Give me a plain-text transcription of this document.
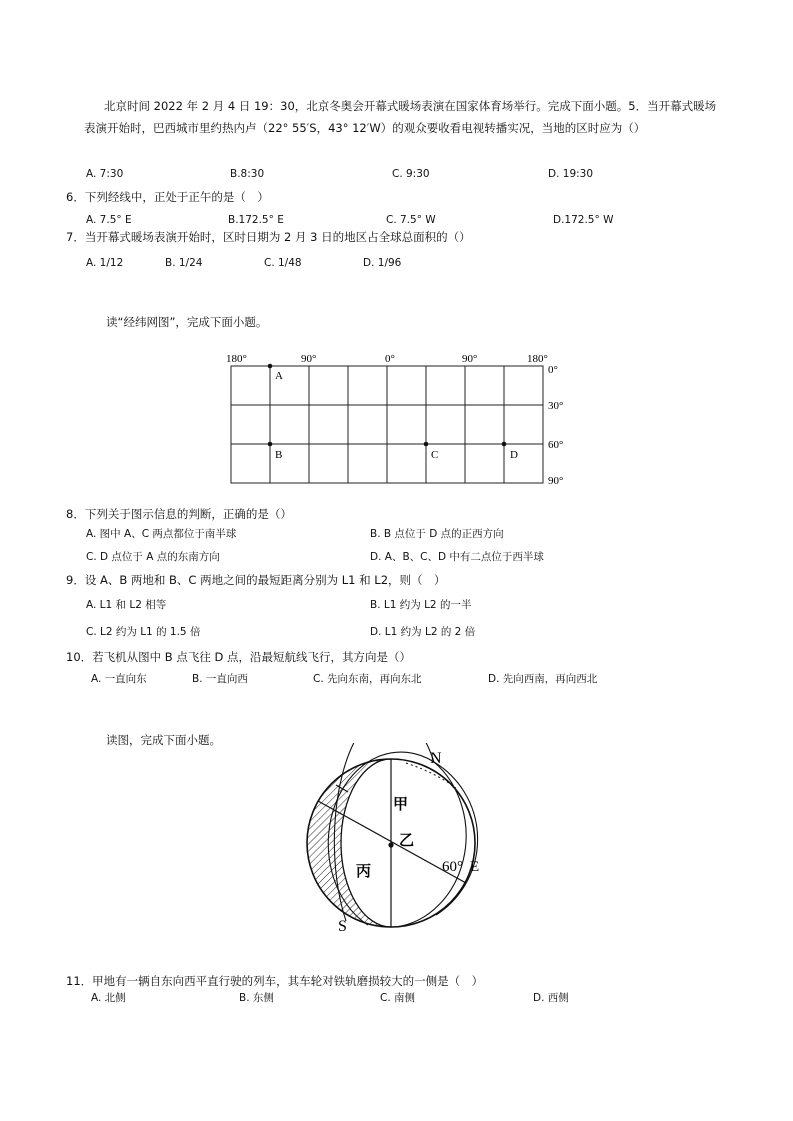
北京时间 2022 年 2 月 4 日 19：30，北京冬奥会开幕式暖场表演在国家体育场举行。完成下面小题。5．当开幕式暖场表演开始时，巴西城市里约热内卢（22° 55′S，43° 12′W）的观众要收看电视转播实况，当地的区时应为（）
A. 7:30	B.8:30	C. 9:30	D. 19:30
6．下列经线中，正处于正午的是（　）
A. 7.5° E	B.172.5° E	C. 7.5° W	D.172.5° W
7．当开幕式暖场表演开始时，区时日期为 2 月 3 日的地区占全球总面积的（）
A. 1/12	B. 1/24	C. 1/48	D. 1/96
读“经纬网图”，完成下面小题。
180°	90°	0°	90°	180°
0°
30°
60°
90°
A
B	C	D
8．下列关于图示信息的判断，正确的是（）
A. 图中 A、C 两点都位于南半球	B. B 点位于 D 点的正西方向
C. D 点位于 A 点的东南方向	D. A、B、C、D 中有二点位于西半球
9．设 A、B 两地和 B、C 两地之间的最短距离分别为 L1 和 L2，则（　）
A. L1 和 L2 相等	B. L1 约为 L2 的一半
C. L2 约为 L1 的 1.5 倍	D. L1 约为 L2 的 2 倍
10．若飞机从图中 B 点飞往 D 点，沿最短航线飞行，其方向是（）
A. 一直向东	B. 一直向西	C. 先向东南，再向东北	D. 先向西南，再向西北
读图，完成下面小题。
N
S
甲
乙
丙	60° E
11．甲地有一辆自东向西平直行驶的列车，其车轮对铁轨磨损较大的一侧是（　）
A. 北侧	B. 东侧	C. 南侧	D. 西侧
